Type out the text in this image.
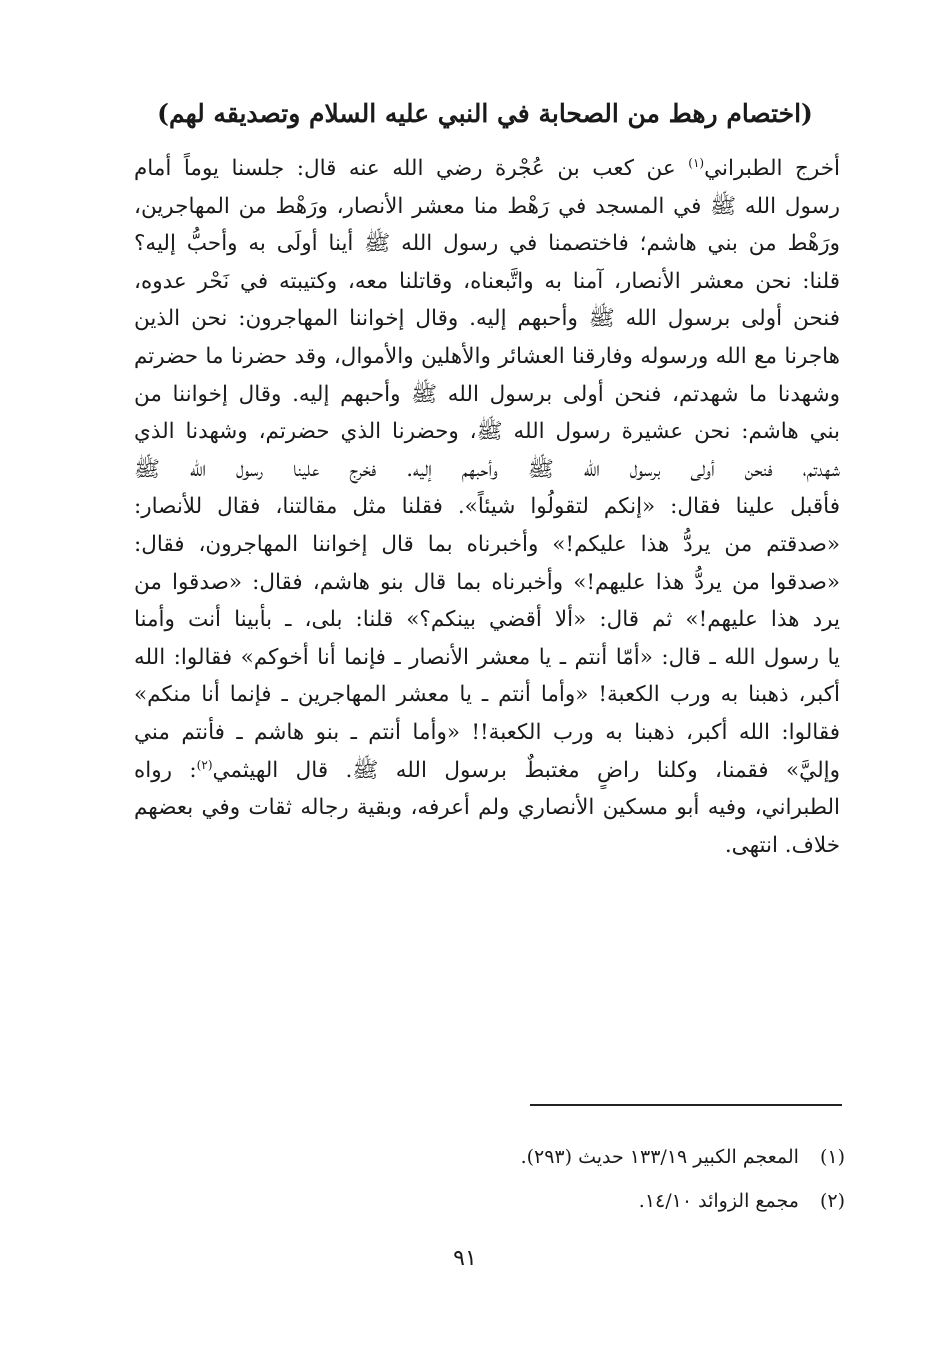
(اختصام رهط من الصحابة في النبي عليه السلام وتصديقه لهم)
أخرج الطبراني$^{(١)}$ عن كعب بن عُجْرة رضي الله عنه قال: جلسنا يوماً أمام
رسول الله ﷺ في المسجد في رَهْط منا معشر الأنصار، ورَهْط من المهاجرين،
ورَهْط من بني هاشم؛ فاختصمنا في رسول الله ﷺ أينا أولَى به وأحبُّ إليه؟
قلنا: نحن معشر الأنصار، آمنا به واتَّبعناه، وقاتلنا معه، وكتيبته في نَحْر عدوه،
فنحن أولى برسول الله ﷺ وأحبهم إليه. وقال إخواننا المهاجرون: نحن الذين
هاجرنا مع الله ورسوله وفارقنا العشائر والأهلين والأموال، وقد حضرنا ما حضرتم
وشهدنا ما شهدتم، فنحن أولى برسول الله ﷺ وأحبهم إليه. وقال إخواننا من
بني هاشم: نحن عشيرة رسول الله ﷺ، وحضرنا الذي حضرتم، وشهدنا الذي
شهدتم، فنحن أولى برسول الله ﷺ وأحبهم إليه. فخرج علينا رسول الله ﷺ
فأقبل علينا فقال: «إنكم لتقولُوا شيئاً». فقلنا مثل مقالتنا، فقال للأنصار:
«صدقتم من يردُّ هذا عليكم!» وأخبرناه بما قال إخواننا المهاجرون، فقال:
«صدقوا من يردُّ هذا عليهم!» وأخبرناه بما قال بنو هاشم، فقال: «صدقوا من
يرد هذا عليهم!» ثم قال: «ألا أقضي بينكم؟» قلنا: بلى، ـ بأبينا أنت وأمنا
يا رسول الله ـ قال: «أمّا أنتم ـ يا معشر الأنصار ـ فإنما أنا أخوكم» فقالوا: الله
أكبر، ذهبنا به ورب الكعبة! «وأما أنتم ـ يا معشر المهاجرين ـ فإنما أنا منكم»
فقالوا: الله أكبر، ذهبنا به ورب الكعبة!! «وأما أنتم ـ بنو هاشم ـ فأنتم مني
وإليَّ» فقمنا، وكلنا راضٍ مغتبطٌ برسول الله ﷺ. قال الهيثمي$^{(٢)}$: رواه
الطبراني، وفيه أبو مسكين الأنصاري ولم أعرفه، وبقية رجاله ثقات وفي بعضهم
خلاف. انتهى.
(١) المعجم الكبير ١٣٣/١٩ حديث (٢٩٣).
(٢) مجمع الزوائد ١٤/١٠.
٩١
